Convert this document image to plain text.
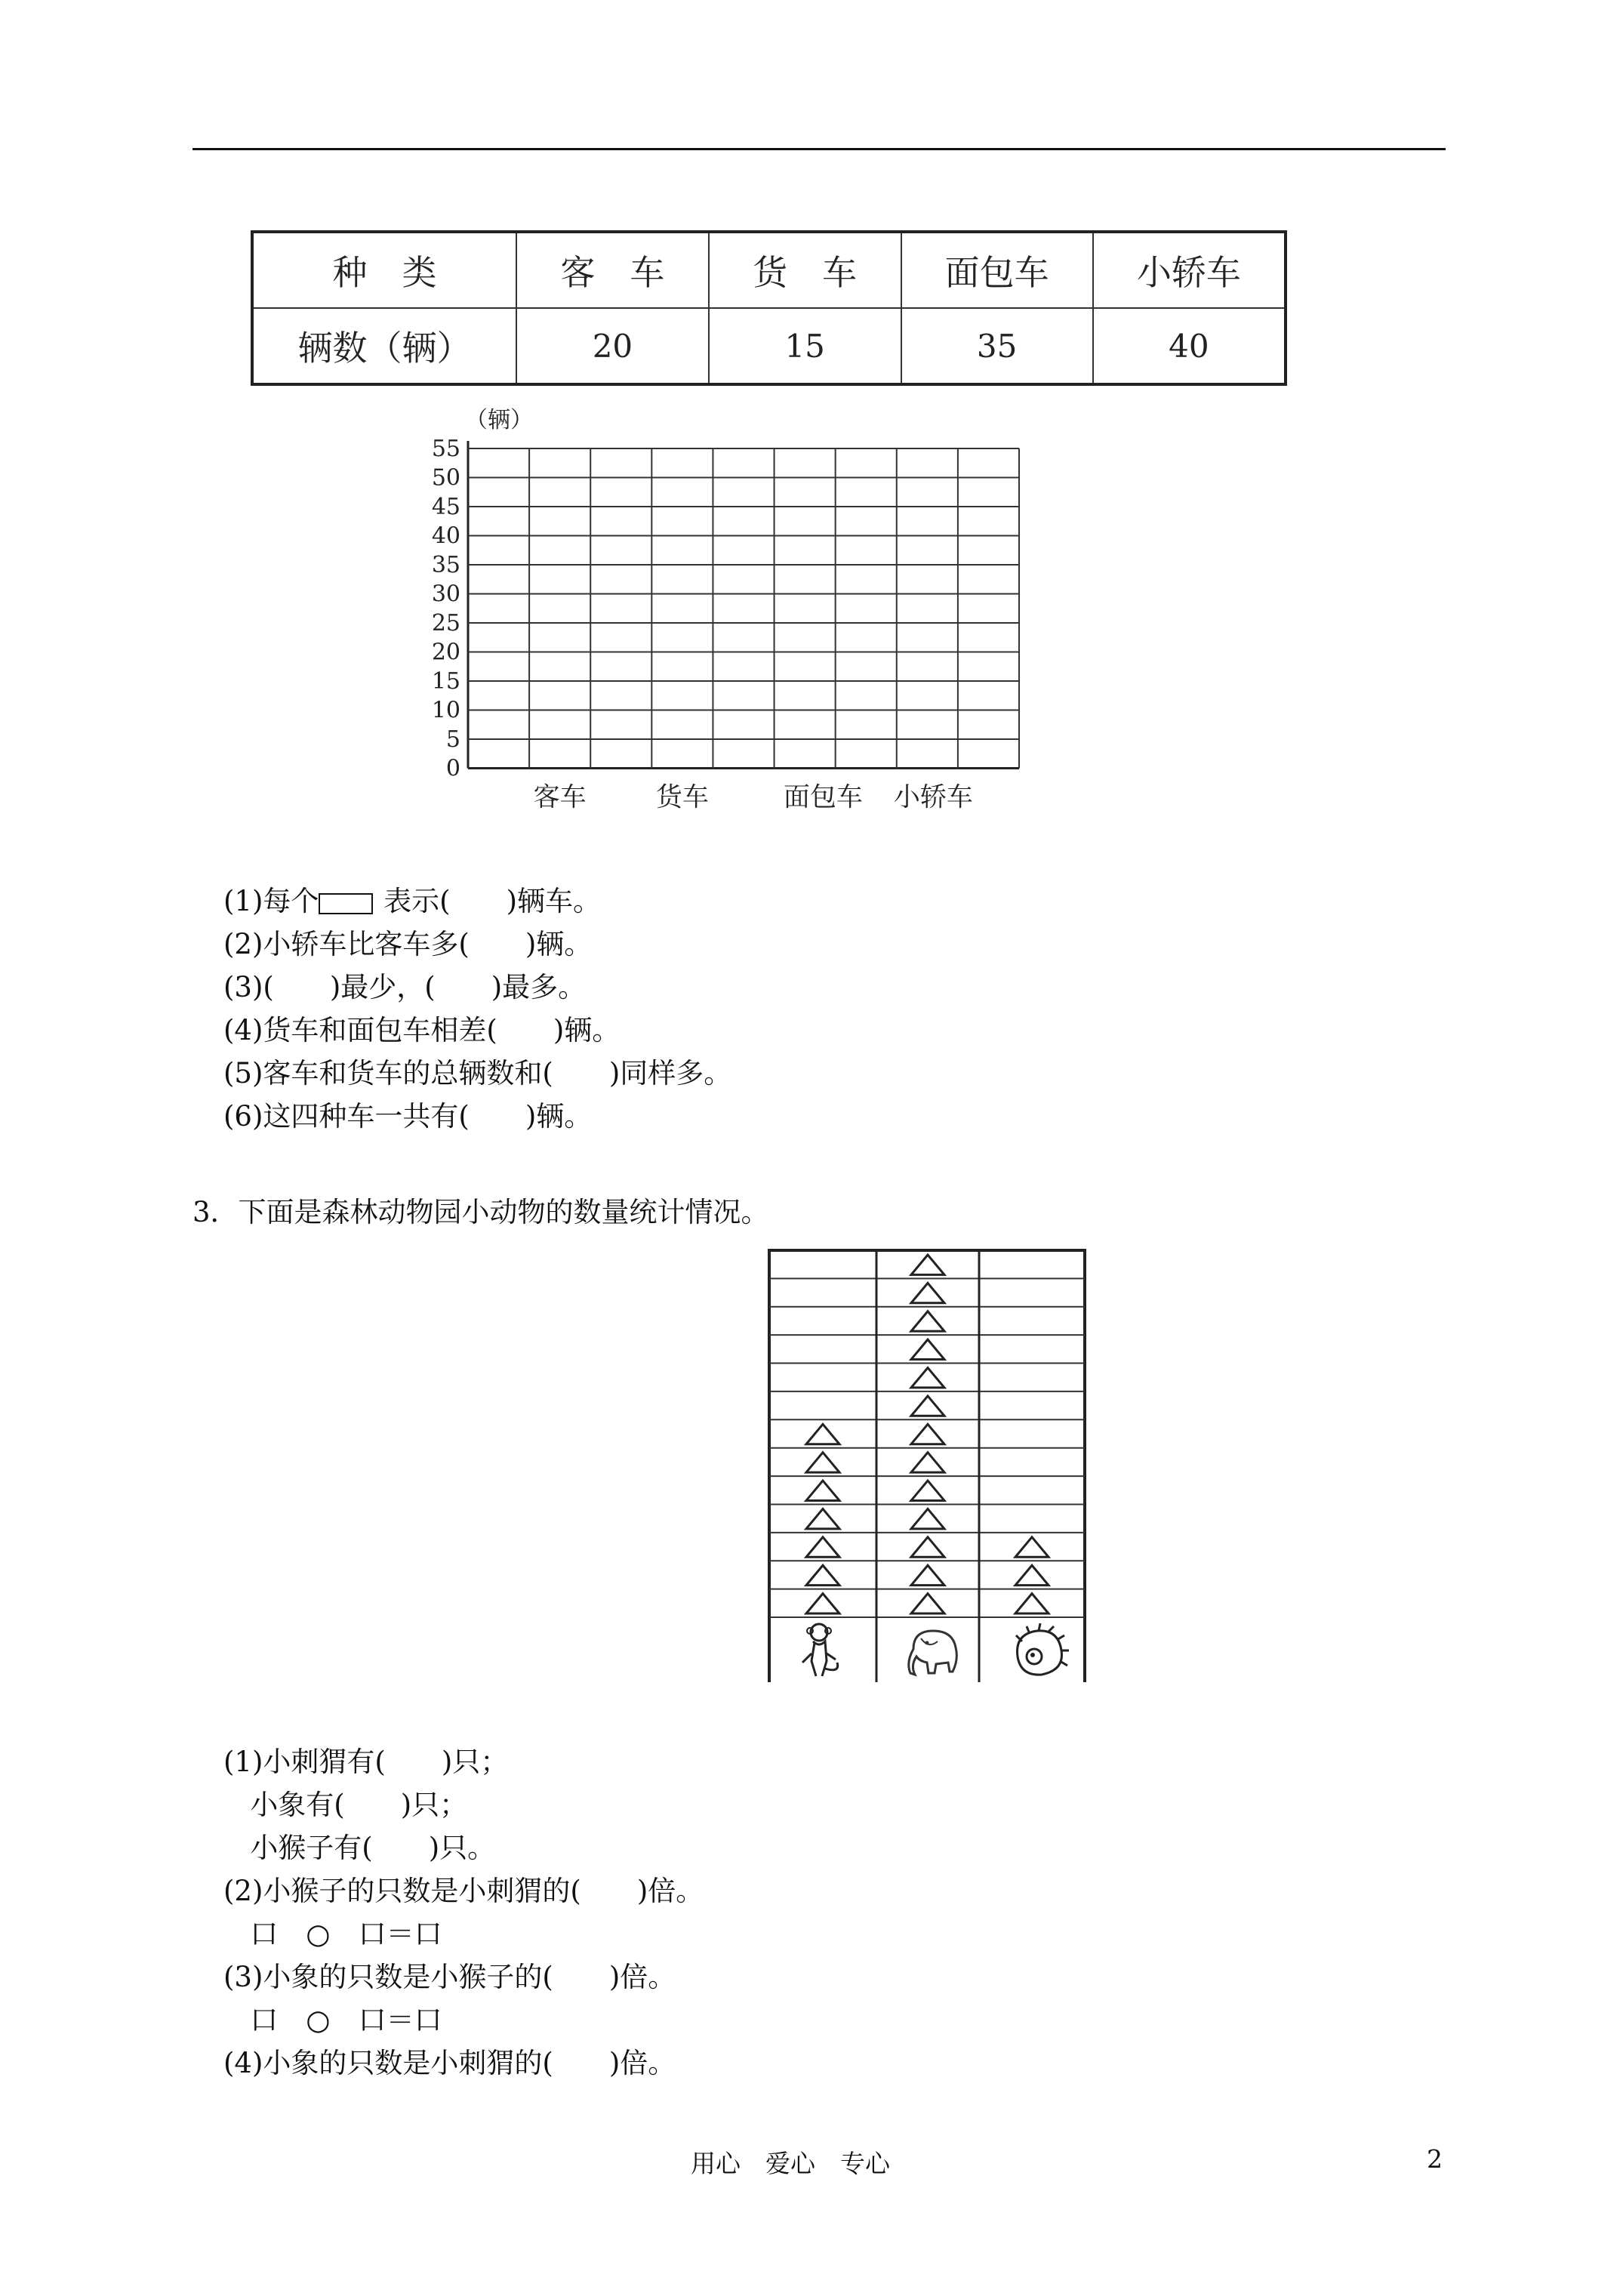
种　类	客　车	货　车	面包车	小轿车
辆数（辆）	20	15	35	40
（辆）
55
50
45
40
35
30
25
20
15
10
5
0
客车	货车	面包车 小轿车
(1)每个 表示(　　)辆车。
(2)小轿车比客车多(　　)辆。
(3)(　　)最少，(　　)最多。
(4)货车和面包车相差(　　)辆。
(5)客车和货车的总辆数和(　　)同样多。
(6)这四种车一共有(　　)辆。
3．下面是森林动物园小动物的数量统计情况。
(1)小刺猬有(　　)只；
小象有(　　)只；
小猴子有(　　)只。
(2)小猴子的只数是小刺猬的(　　)倍。
口　○　口＝口
(3)小象的只数是小猴子的(　　)倍。
口　○　口＝口
(4)小象的只数是小刺猬的(　　)倍。
用心　爱心　专心	2
